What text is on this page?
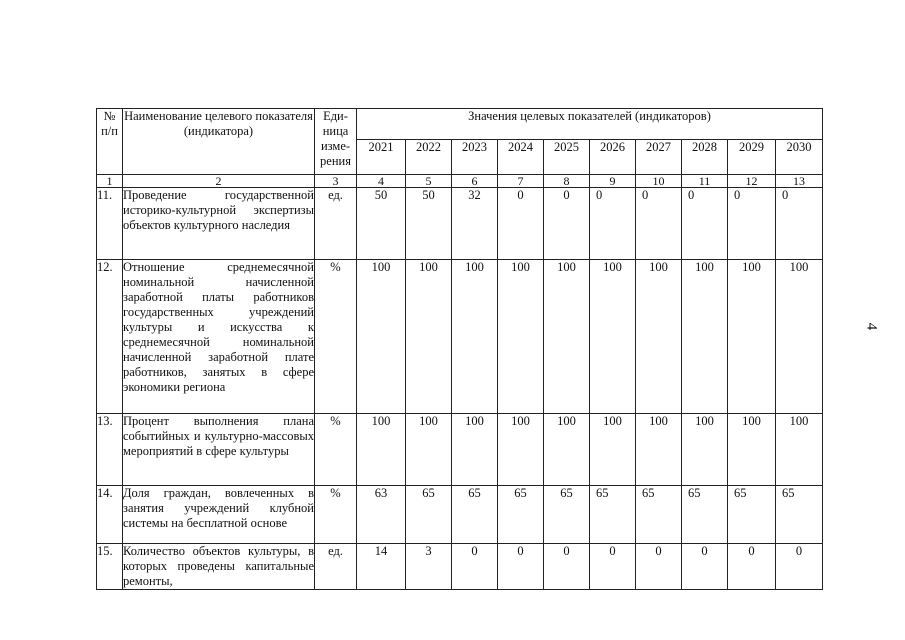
№ п/п	Наименование целевого показателя (индикатора)	Еди-ница изме-рения	Значения целевых показателей (индикаторов)									
			2021	2022	2023	2024	2025	2026	2027	2028	2029	2030
1	2	3	4	5	6	7	8	9	10	11	12	13
11.	Проведение государственной историко-культурной экспертизы объектов культурного наследия	ед.	50	50	32	0	0	0	0	0	0	0
12.	Отношение среднемесячной номинальной начисленной заработной платы работников государственных учреждений культуры и искусства к среднемесячной номинальной начисленной заработной плате работников, занятых в сфере экономики региона	%	100	100	100	100	100	100	100	100	100	100
13.	Процент выполнения плана событийных и культурно-массовых мероприятий в сфере культуры	%	100	100	100	100	100	100	100	100	100	100
14.	Доля граждан, вовлеченных в занятия учреждений клубной системы на бесплатной основе	%	63	65	65	65	65	65	65	65	65	65
15.	Количество объектов культуры, в которых проведены капитальные ремонты,	ед.	14	3	0	0	0	0	0	0	0	0
4
